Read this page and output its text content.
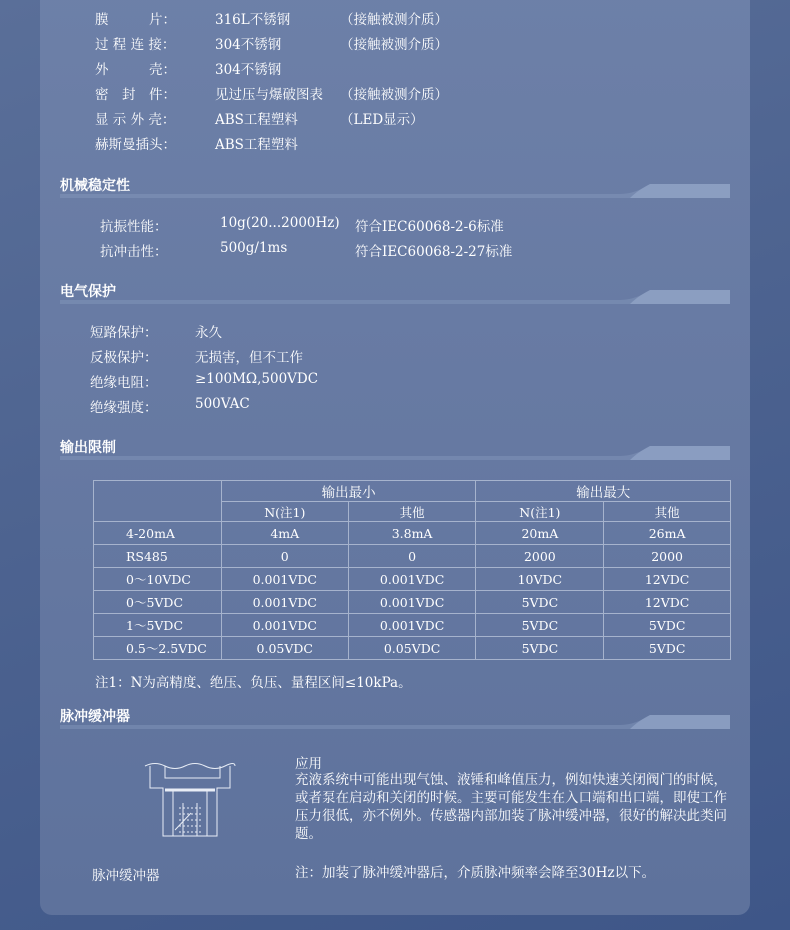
膜　　　片：	316L不锈钢	（接触被测介质）
过 程 连 接：	304不锈钢	（接触被测介质）
外　　　壳：	304不锈钢
密　封　件：	见过压与爆破图表 （接触被测介质）
显 示 外 壳：	ABS工程塑料	（LED显示）
赫斯曼插头：	ABS工程塑料
机械稳定性
抗振性能：	10g(20...2000Hz) 符合IEC60068-2-6标准
抗冲击性：	500g/1ms	符合IEC60068-2-27标准
电气保护
短路保护：	永久
反极保护：	无损害，但不工作
绝缘电阻：	≥100MΩ,500VDC
绝缘强度：	500VAC
输出限制
	输出最小		输出最大	
	N(注1)	其他	N(注1)	其他
4-20mA	4mA	3.8mA	20mA	26mA
RS485	0	0	2000	2000
0～10VDC	0.001VDC	0.001VDC	10VDC	12VDC
0～5VDC	0.001VDC	0.001VDC	5VDC	12VDC
1～5VDC	0.001VDC	0.001VDC	5VDC	5VDC
0.5～2.5VDC	0.05VDC	0.05VDC	5VDC	5VDC
注1：N为高精度、绝压、负压、量程区间≤10kPa。
脉冲缓冲器
脉冲缓冲器
应用
充液系统中可能出现气蚀、液锤和峰值压力，例如快速关闭阀门的时候，或者泵在启动和关闭的时候。主要可能发生在入口端和出口端，即使工作压力很低，亦不例外。传感器内部加装了脉冲缓冲器，很好的解决此类问题。
注：加装了脉冲缓冲器后，介质脉冲频率会降至30Hz以下。
